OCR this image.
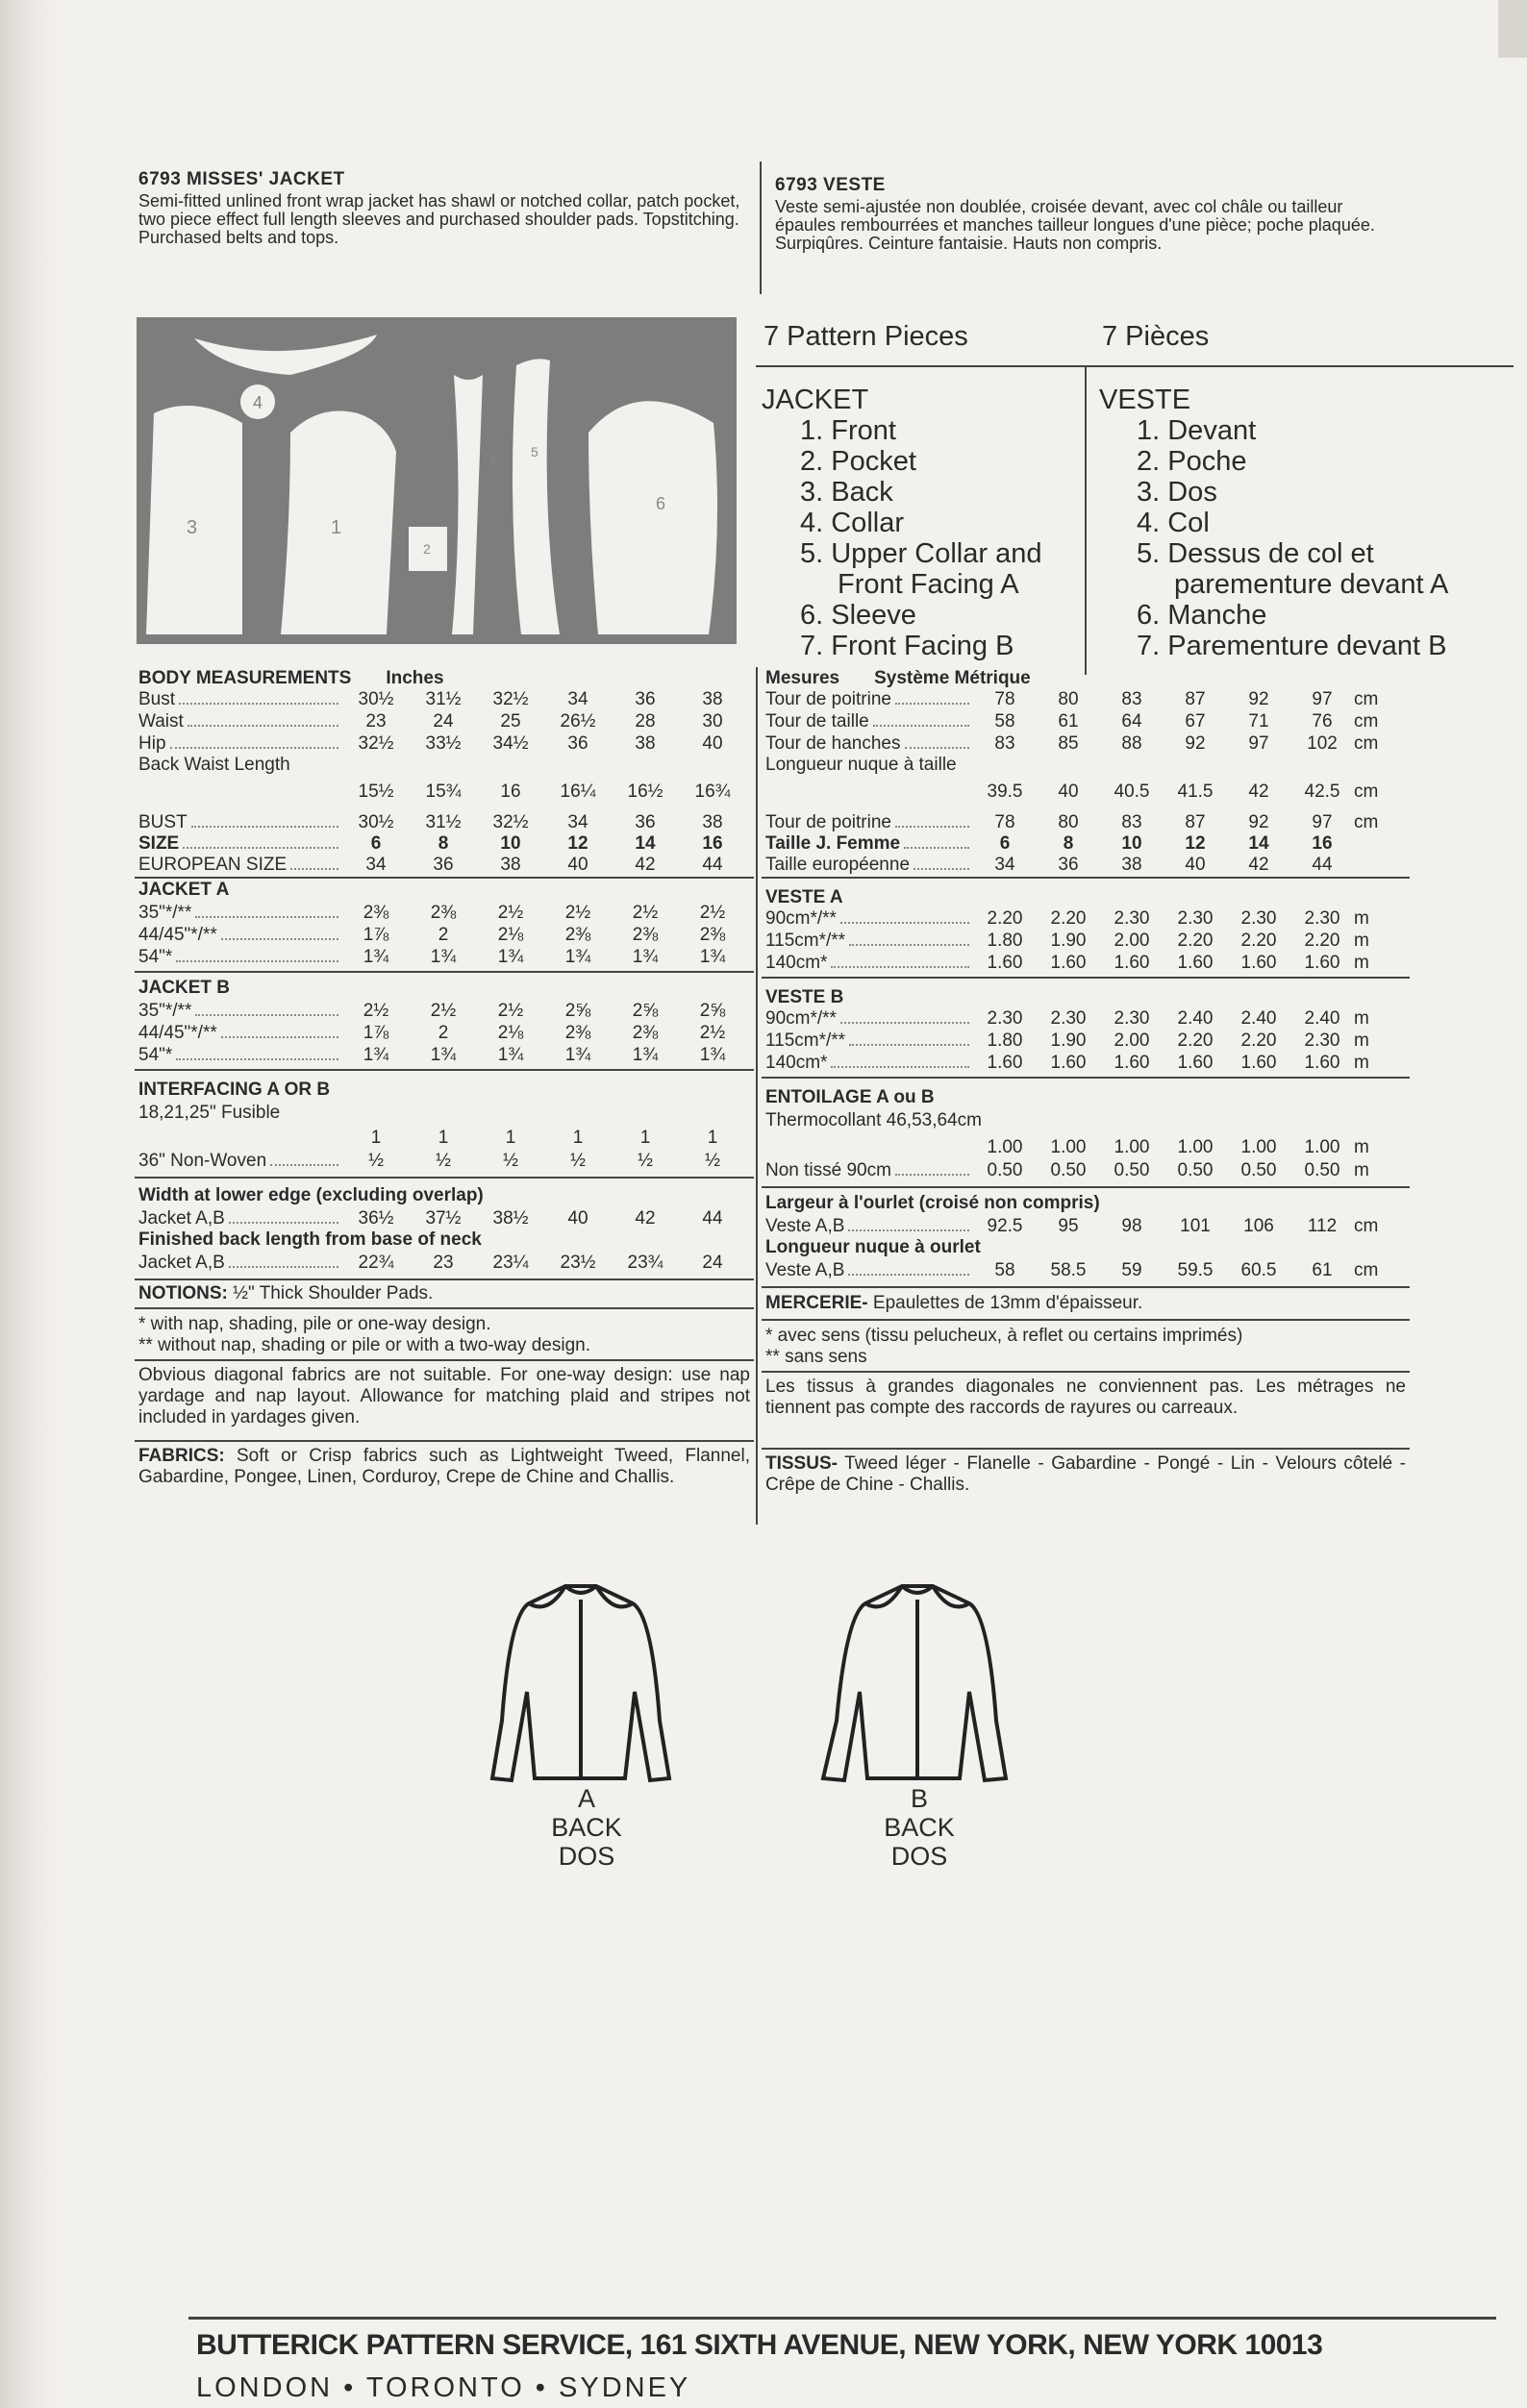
6793 MISSES' JACKET
Semi-fitted unlined front wrap jacket has shawl or notched collar, patch pocket, two piece effect full length sleeves and purchased shoulder pads. Topstitching. Purchased belts and tops.
6793 VESTE
Veste semi-ajustée non doublée, croisée devant, avec col châle ou tailleur épaules rembourrées et manches tailleur longues d'une pièce; poche plaquée. Surpiqûres. Ceinture fantaisie. Hauts non compris.
4
3	1
2
7
5
6
7 Pattern Pieces	7 Pièces
JACKET
1. Front
2. Pocket
3. Back
4. Collar
5. Upper Collar and
Front Facing A
6. Sleeve
7. Front Facing B
VESTE
1. Devant
2. Poche
3. Dos
4. Col
5. Dessus de col et
parementure devant A
6. Manche
7. Parementure devant B
BODY MEASUREMENTS Inches
Bust	30½	31½	32½	34	36	38
Waist	23	24	25	26½	28	30
Hip	32½	33½	34½	36	38	40
Back Waist Length
15½	15¾	16	16¼	16½	16¾
BUST	30½	31½	32½	34	36	38
SIZE	6	8	10	12	14	16
EUROPEAN SIZE	34	36	38	40	42	44
JACKET A
35"*/**	2⅜	2⅜	2½	2½	2½	2½
44/45"*/**	1⅞	2	2⅛	2⅜	2⅜	2⅜
54"*	1¾	1¾	1¾	1¾	1¾	1¾
JACKET B
35"*/**	2½	2½	2½	2⅝	2⅝	2⅝
44/45"*/**	1⅞	2	2⅛	2⅜	2⅜	2½
54"*	1¾	1¾	1¾	1¾	1¾	1¾
INTERFACING A OR B
18,21,25" Fusible
1	1	1	1	1	1
36" Non-Woven	½	½	½	½	½	½
Width at lower edge (excluding overlap)
Jacket A,B	36½	37½	38½	40	42	44
Finished back length from base of neck
Jacket A,B	22¾	23	23¼	23½	23¾	24
NOTIONS: ½" Thick Shoulder Pads.
* with nap, shading, pile or one-way design.
** without nap, shading or pile or with a two-way design.
Obvious diagonal fabrics are not suitable. For one-way design: use nap yardage and nap layout. Allowance for matching plaid and stripes not included in yardages given.
FABRICS: Soft or Crisp fabrics such as Lightweight Tweed, Flannel, Gabardine, Pongee, Linen, Corduroy, Crepe de Chine and Challis.
Mesures Système Métrique
Tour de poitrine	78	80	83	87	92	97	cm
Tour de taille	58	61	64	67	71	76	cm
Tour de hanches	83	85	88	92	97	102 cm
Longueur nuque à taille
39.5	40	40.5	41.5	42	42.5 cm
Tour de poitrine	78	80	83	87	92	97	cm
Taille J. Femme	6	8	10	12	14	16
Taille européenne	34	36	38	40	42	44
VESTE A
90cm*/**	2.20	2.20	2.30	2.30	2.30	2.30 m
115cm*/**	1.80	1.90	2.00	2.20	2.20	2.20 m
140cm*	1.60	1.60	1.60	1.60	1.60	1.60 m
VESTE B
90cm*/**	2.30	2.30	2.30	2.40	2.40	2.40 m
115cm*/**	1.80	1.90	2.00	2.20	2.20	2.30 m
140cm*	1.60	1.60	1.60	1.60	1.60	1.60 m
ENTOILAGE A ou B
Thermocollant 46,53,64cm
1.00	1.00	1.00	1.00	1.00	1.00 m
Non tissé 90cm	0.50	0.50	0.50	0.50	0.50	0.50 m
Largeur à l'ourlet (croisé non compris)
Veste A,B	92.5	95	98	101	106	112 cm
Longueur nuque à ourlet
Veste A,B	58	58.5	59	59.5	60.5	61	cm
MERCERIE- Epaulettes de 13mm d'épaisseur.
* avec sens (tissu pelucheux, à reflet ou certains imprimés)
** sans sens
Les tissus à grandes diagonales ne conviennent pas. Les métrages ne tiennent pas compte des raccords de rayures ou carreaux.
TISSUS- Tweed léger - Flanelle - Gabardine - Pongé - Lin - Velours côtelé - Crêpe de Chine - Challis.
A
BACK
DOS
B
BACK
DOS
BUTTERICK PATTERN SERVICE, 161 SIXTH AVENUE, NEW YORK, NEW YORK 10013
LONDON • TORONTO • SYDNEY
